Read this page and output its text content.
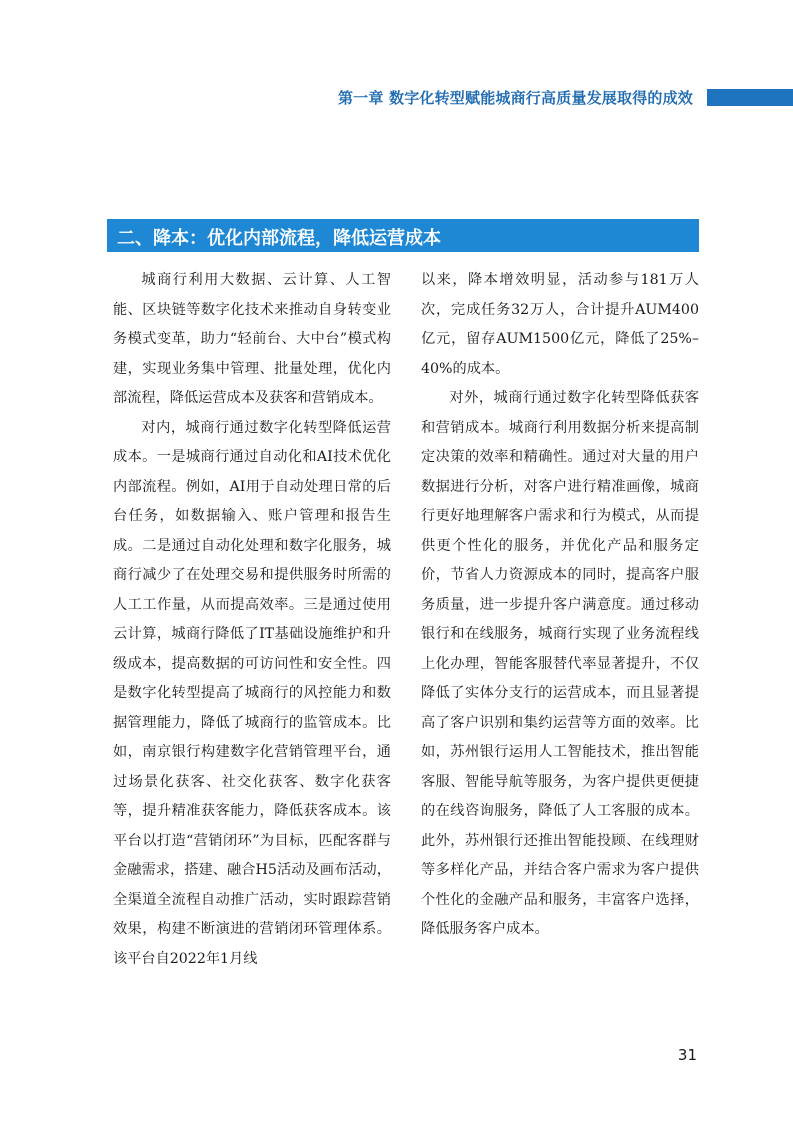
第一章 数字化转型赋能城商行高质量发展取得的成效
二、降本：优化内部流程，降低运营成本

城商行利用大数据、云计算、人工智能、区块链等数字化技术来推动自身转变业务模式变革，助力“轻前台、大中台”模式构建，实现业务集中管理、批量处理，优化内部流程，降低运营成本及获客和营销成本。

对内，城商行通过数字化转型降低运营成本。一是城商行通过自动化和AI技术优化内部流程。例如，AI用于自动处理日常的后台任务，如数据输入、账户管理和报告生成。二是通过自动化处理和数字化服务，城商行减少了在处理交易和提供服务时所需的人工工作量，从而提高效率。三是通过使用云计算，城商行降低了IT基础设施维护和升级成本，提高数据的可访问性和安全性。四是数字化转型提高了城商行的风控能力和数据管理能力，降低了城商行的监管成本。比如，南京银行构建数字化营销管理平台，通过场景化获客、社交化获客、数字化获客等，提升精准获客能力，降低获客成本。该平台以打造“营销闭环”为目标，匹配客群与金融需求，搭建、融合H5活动及画布活动，全渠道全流程自动推广活动，实时跟踪营销效果，构建不断演进的营销闭环管理体系。该平台自2022年1月线

以来，降本增效明显，活动参与181万人次，完成任务32万人，合计提升AUM400亿元，留存AUM1500亿元，降低了25%–40%的成本。

对外，城商行通过数字化转型降低获客和营销成本。城商行利用数据分析来提高制定决策的效率和精确性。通过对大量的用户数据进行分析，对客户进行精准画像，城商行更好地理解客户需求和行为模式，从而提供更个性化的服务，并优化产品和服务定价，节省人力资源成本的同时，提高客户服务质量，进一步提升客户满意度。通过移动银行和在线服务，城商行实现了业务流程线上化办理，智能客服替代率显著提升，不仅降低了实体分支行的运营成本，而且显著提高了客户识别和集约运营等方面的效率。比如，苏州银行运用人工智能技术，推出智能客服、智能导航等服务，为客户提供更便捷的在线咨询服务，降低了人工客服的成本。此外，苏州银行还推出智能投顾、在线理财等多样化产品，并结合客户需求为客户提供个性化的金融产品和服务，丰富客户选择，降低服务客户成本。

31
